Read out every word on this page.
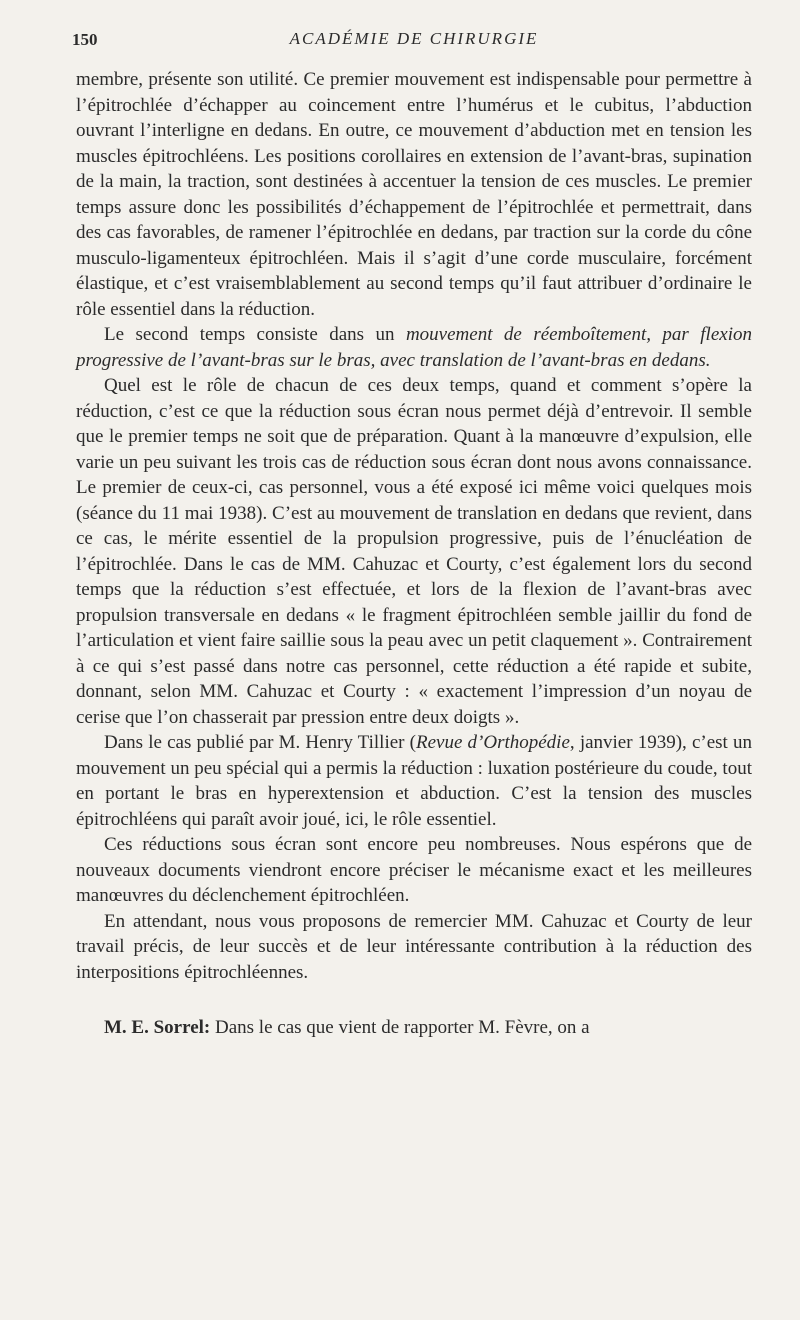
150	ACADÉMIE DE CHIRURGIE

membre, présente son utilité. Ce premier mouvement est indispensable pour permettre à l’épitrochlée d’échapper au coincement entre l’humérus et le cubitus, l’abduction ouvrant l’interligne en dedans. En outre, ce mouvement d’abduction met en tension les muscles épitrochléens. Les positions corollaires en extension de l’avant-bras, supination de la main, la traction, sont destinées à accentuer la tension de ces muscles. Le premier temps assure donc les possibilités d’échappement de l’épitrochlée et permettrait, dans des cas favorables, de ramener l’épitrochlée en dedans, par traction sur la corde du cône musculo-ligamenteux épitrochléen. Mais il s’agit d’une corde musculaire, forcément élastique, et c’est vraisemblablement au second temps qu’il faut attribuer d’ordinaire le rôle essentiel dans la réduction.

Le second temps consiste dans un mouvement de réemboîtement, par flexion progressive de l’avant-bras sur le bras, avec translation de l’avant-bras en dedans.

Quel est le rôle de chacun de ces deux temps, quand et comment s’opère la réduction, c’est ce que la réduction sous écran nous permet déjà d’entrevoir. Il semble que le premier temps ne soit que de préparation. Quant à la manœuvre d’expulsion, elle varie un peu suivant les trois cas de réduction sous écran dont nous avons connaissance. Le premier de ceux-ci, cas personnel, vous a été exposé ici même voici quelques mois (séance du 11 mai 1938). C’est au mouvement de translation en dedans que revient, dans ce cas, le mérite essentiel de la propulsion progressive, puis de l’énucléation de l’épitrochlée. Dans le cas de MM. Cahuzac et Courty, c’est également lors du second temps que la réduction s’est effectuée, et lors de la flexion de l’avant-bras avec propulsion transversale en dedans « le fragment épitrochléen semble jaillir du fond de l’articulation et vient faire saillie sous la peau avec un petit claquement ». Contrairement à ce qui s’est passé dans notre cas personnel, cette réduction a été rapide et subite, donnant, selon MM. Cahuzac et Courty : « exactement l’impression d’un noyau de cerise que l’on chasserait par pression entre deux doigts ».

Dans le cas publié par M. Henry Tillier (Revue d’Orthopédie, janvier 1939), c’est un mouvement un peu spécial qui a permis la réduction : luxation postérieure du coude, tout en portant le bras en hyperextension et abduction. C’est la tension des muscles épitrochléens qui paraît avoir joué, ici, le rôle essentiel.

Ces réductions sous écran sont encore peu nombreuses. Nous espérons que de nouveaux documents viendront encore préciser le mécanisme exact et les meilleures manœuvres du déclenchement épitrochléen.

En attendant, nous vous proposons de remercier MM. Cahuzac et Courty de leur travail précis, de leur succès et de leur intéressante contribution à la réduction des interpositions épitrochléennes.

M. E. Sorrel: Dans le cas que vient de rapporter M. Fèvre, on a
